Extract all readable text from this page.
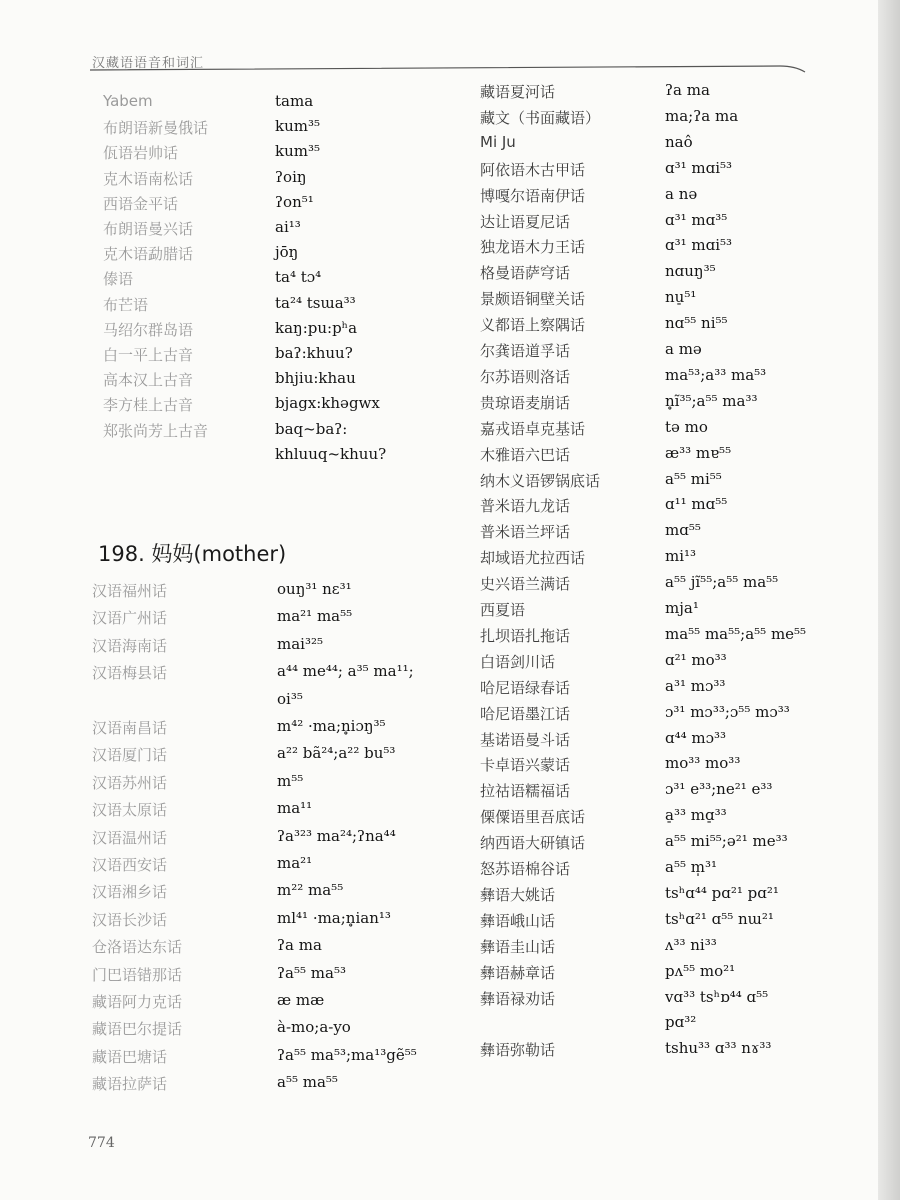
汉藏语语音和词汇
Yabem	tama
布朗语新曼俄话	kum³⁵
佤语岩帅话	kum³⁵
克木语南松话	ʔoiŋ
西语金平话	ʔon⁵¹
布朗语曼兴话	ai¹³
克木语勐腊话	jōŋ
傣语	ta⁴ tɔ⁴
布芒语	ta²⁴ tsɯa³³
马绍尔群岛语	kaŋ:pu:pʰa
白一平上古音	baʔ:khuu?
高本汉上古音	bhjiu:khau
李方桂上古音	bjagx:khəgwx
郑张尚芳上古音	baq~baʔ:
khluuq~khuu?
198. 妈妈(mother)
汉语福州话	ouŋ³¹ nɛ³¹
汉语广州话	ma²¹ ma⁵⁵
汉语海南话	mai³²⁵
汉语梅县话	a⁴⁴ me⁴⁴; a³⁵ ma¹¹;
oi³⁵
汉语南昌话	m⁴² ·ma;n̥iɔŋ³⁵
汉语厦门话	a²² bã²⁴;a²² bu⁵³
汉语苏州话	m⁵⁵
汉语太原话	ma¹¹
汉语温州话	ʔa³²³ ma²⁴;ʔna⁴⁴
汉语西安话	ma²¹
汉语湘乡话	m²² ma⁵⁵
汉语长沙话	ml⁴¹ ·ma;n̥ian¹³
仓洛语达东话	ʔa ma
门巴语错那话	ʔa⁵⁵ ma⁵³
藏语阿力克话	æ mæ
藏语巴尔提话	à-mo;a-yo
藏语巴塘话	ʔa⁵⁵ ma⁵³;ma¹³gẽ⁵⁵
藏语拉萨话	a⁵⁵ ma⁵⁵
藏语夏河话	ʔa ma
藏文（书面藏语）	ma;ʔa ma
Mi Ju	naô
阿依语木古甲话	ɑ³¹ mɑi⁵³
博嘎尔语南伊话	a nə
达让语夏尼话	ɑ³¹ mɑ³⁵
独龙语木力王话	ɑ³¹ mɑi⁵³
格曼语萨穹话	nɑuŋ³⁵
景颇语铜壁关话	nu̠⁵¹
义都语上察隅话	nɑ⁵⁵ ni⁵⁵
尔龚语道孚话	a mə
尔苏语则洛话	ma⁵³;a³³ ma⁵³
贵琼语麦崩话	n̥ĩ³⁵;a⁵⁵ ma³³
嘉戎语卓克基话	tə mo
木雅语六巴话	æ³³ mɐ⁵⁵
纳木义语锣锅底话	a⁵⁵ mi⁵⁵
普米语九龙话	ɑ¹¹ mɑ⁵⁵
普米语兰坪话	mɑ⁵⁵
却域语尤拉西话	mi¹³
史兴语兰满话	a⁵⁵ jĩ⁵⁵;a⁵⁵ ma⁵⁵
西夏语	mja¹
扎坝语扎拖话	ma⁵⁵ ma⁵⁵;a⁵⁵ me⁵⁵
白语剑川话	ɑ²¹ mo³³
哈尼语绿春话	a³¹ mɔ³³
哈尼语墨江话	ɔ³¹ mɔ³³;ɔ⁵⁵ mɔ³³
基诺语曼斗话	ɑ⁴⁴ mɔ³³
卡卓语兴蒙话	mo³³ mo³³
拉祜语糯福话	ɔ³¹ e³³;ne²¹ e³³
傈僳语里吾底话	a̠³³ mɑ̠³³
纳西语大研镇话	a⁵⁵ mi⁵⁵;ə²¹ me³³
怒苏语棉谷话	a⁵⁵ m̩³¹
彝语大姚话	tsʰɑ⁴⁴ pɑ²¹ pɑ²¹
彝语峨山话	tsʰɑ²¹ ɑ⁵⁵ nɯ²¹
彝语圭山话	ʌ³³ ni³³
彝语赫章话	pʌ⁵⁵ mo²¹
彝语禄劝话	vɑ³³ tsʰɒ⁴⁴ ɑ⁵⁵
pɑ³²
彝语弥勒话	tshu³³ ɑ³³ nɤ³³
774
